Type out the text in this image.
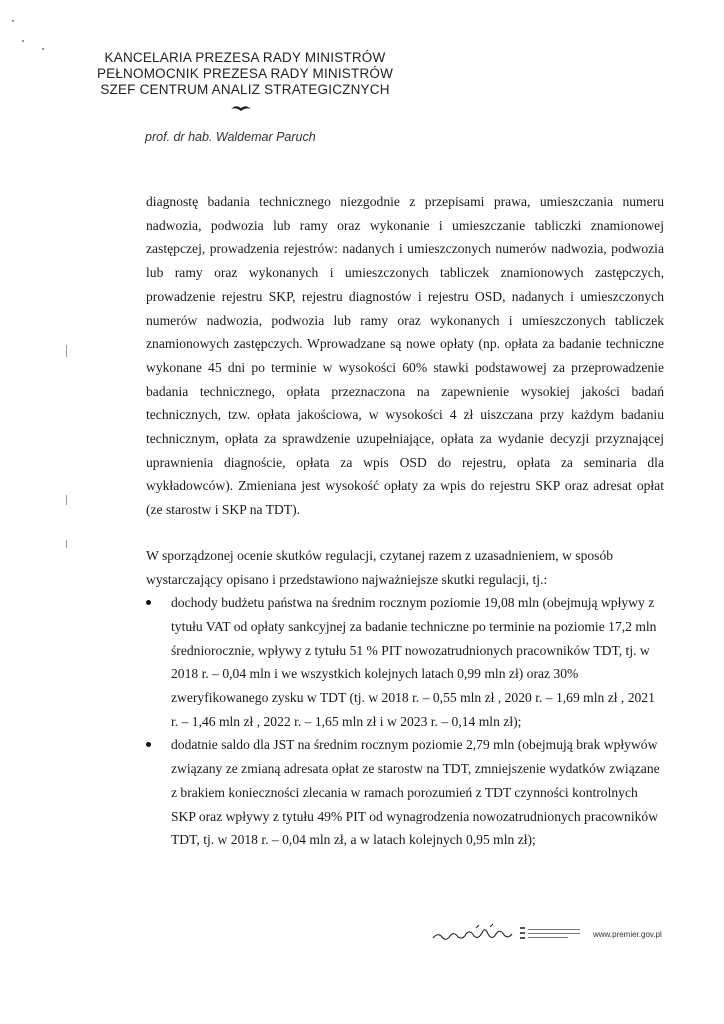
KANCELARIA PREZESA RADY MINISTRÓW
PEŁNOMOCNIK PREZESA RADY MINISTRÓW
SZEF CENTRUM ANALIZ STRATEGICZNYCH
prof. dr hab. Waldemar Paruch

diagnostę badania technicznego niezgodnie z przepisami prawa, umieszczania numeru nadwozia, podwozia lub ramy oraz wykonanie i umieszczanie tabliczki znamionowej zastępczej, prowadzenia rejestrów: nadanych i umieszczonych numerów nadwozia, podwozia lub ramy oraz wykonanych i umieszczonych tabliczek znamionowych zastępczych, prowadzenie rejestru SKP, rejestru diagnostów i rejestru OSD, nadanych i umieszczonych numerów nadwozia, podwozia lub ramy oraz wykonanych i umieszczonych tabliczek znamionowych zastępczych. Wprowadzane są nowe opłaty (np. opłata za badanie techniczne wykonane 45 dni po terminie w wysokości 60% stawki podstawowej za przeprowadzenie badania technicznego, opłata przeznaczona na zapewnienie wysokiej jakości badań technicznych, tzw. opłata jakościowa, w wysokości 4 zł uiszczana przy każdym badaniu technicznym, opłata za sprawdzenie uzupełniające, opłata za wydanie decyzji przyznającej uprawnienia diagnoście, opłata za wpis OSD do rejestru, opłata za seminaria dla wykładowców). Zmieniana jest wysokość opłaty za wpis do rejestru SKP oraz adresat opłat (ze starostw i SKP na TDT).

W sporządzonej ocenie skutków regulacji, czytanej razem z uzasadnieniem, w sposób wystarczający opisano i przedstawiono najważniejsze skutki regulacji, tj.:

dochody budżetu państwa na średnim rocznym poziomie 19,08 mln (obejmują wpływy z tytułu VAT od opłaty sankcyjnej za badanie techniczne po terminie na poziomie 17,2 mln średniorocznie, wpływy z tytułu 51 % PIT nowozatrudnionych pracowników TDT, tj. w 2018 r. – 0,04 mln i we wszystkich kolejnych latach 0,99 mln zł) oraz 30% zweryfikowanego zysku w TDT (tj. w 2018 r. – 0,55 mln zł , 2020 r. – 1,69 mln zł , 2021 r. – 1,46 mln zł , 2022 r. – 1,65 mln zł i w 2023 r. – 0,14 mln zł);
dodatnie saldo dla JST na średnim rocznym poziomie 2,79 mln (obejmują brak wpływów związany ze zmianą adresata opłat ze starostw na TDT, zmniejszenie wydatków związane z brakiem konieczności zlecania w ramach porozumień z TDT czynności kontrolnych SKP oraz wpływy z tytułu 49% PIT od wynagrodzenia nowozatrudnionych pracowników TDT, tj. w 2018 r. – 0,04 mln zł, a w latach kolejnych 0,95 mln zł);
www.premier.gov.pl
